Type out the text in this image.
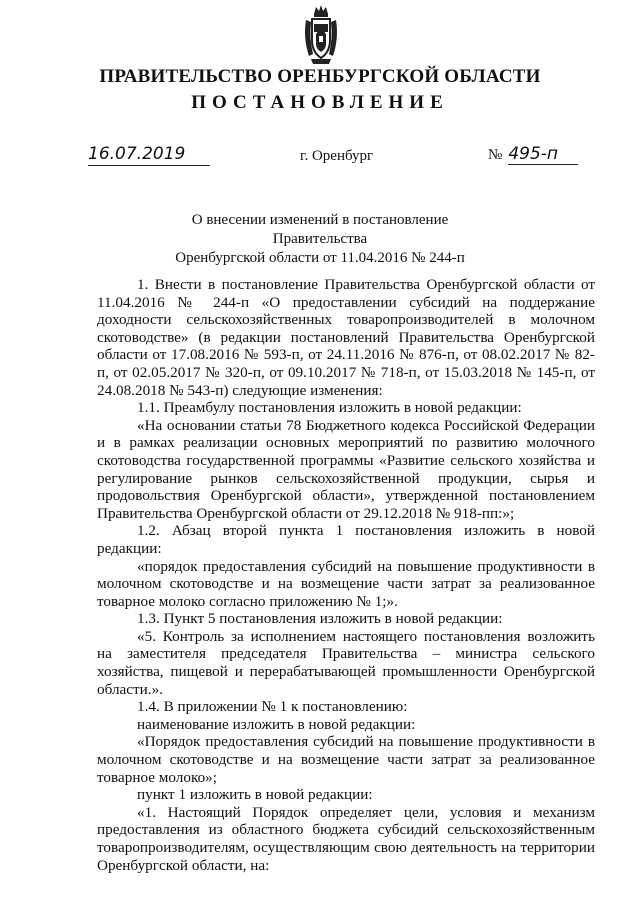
ПРАВИТЕЛЬСТВО ОРЕНБУРГСКОЙ ОБЛАСТИ
ПОСТАНОВЛЕНИЕ
16.07.2019	г. Оренбург	№ 495-п
О внесении изменений в постановление Правительства
Оренбургской области от 11.04.2016 № 244-п

1. Внести в постановление Правительства Оренбургской области от 11.04.2016 № 244-п «О предоставлении субсидий на поддержание доходности сельскохозяйственных товаропроизводителей в молочном скотоводстве» (в редакции постановлений Правительства Оренбургской области от 17.08.2016 № 593-п, от 24.11.2016 № 876-п, от 08.02.2017 № 82-п, от 02.05.2017 № 320-п, от 09.10.2017 № 718-п, от 15.03.2018 № 145-п, от 24.08.2018 № 543-п) следующие изменения:

1.1. Преамбулу постановления изложить в новой редакции:

«На основании статьи 78 Бюджетного кодекса Российской Федерации и в рамках реализации основных мероприятий по развитию молочного скотоводства государственной программы «Развитие сельского хозяйства и регулирование рынков сельскохозяйственной продукции, сырья и продовольствия Оренбургской области», утвержденной постановлением Правительства Оренбургской области от 29.12.2018 № 918-пп:»;

1.2. Абзац второй пункта 1 постановления изложить в новой редакции:

«порядок предоставления субсидий на повышение продуктивности в молочном скотоводстве и на возмещение части затрат за реализованное товарное молоко согласно приложению № 1;».

1.3. Пункт 5 постановления изложить в новой редакции:

«5. Контроль за исполнением настоящего постановления возложить на заместителя председателя Правительства – министра сельского хозяйства, пищевой и перерабатывающей промышленности Оренбургской области.».

1.4. В приложении № 1 к постановлению:

наименование изложить в новой редакции:

«Порядок предоставления субсидий на повышение продуктивности в молочном скотоводстве и на возмещение части затрат за реализованное товарное молоко»;

пункт 1 изложить в новой редакции:

«1. Настоящий Порядок определяет цели, условия и механизм предоставления из областного бюджета субсидий сельскохозяйственным товаропроизводителям, осуществляющим свою деятельность на территории Оренбургской области, на:
